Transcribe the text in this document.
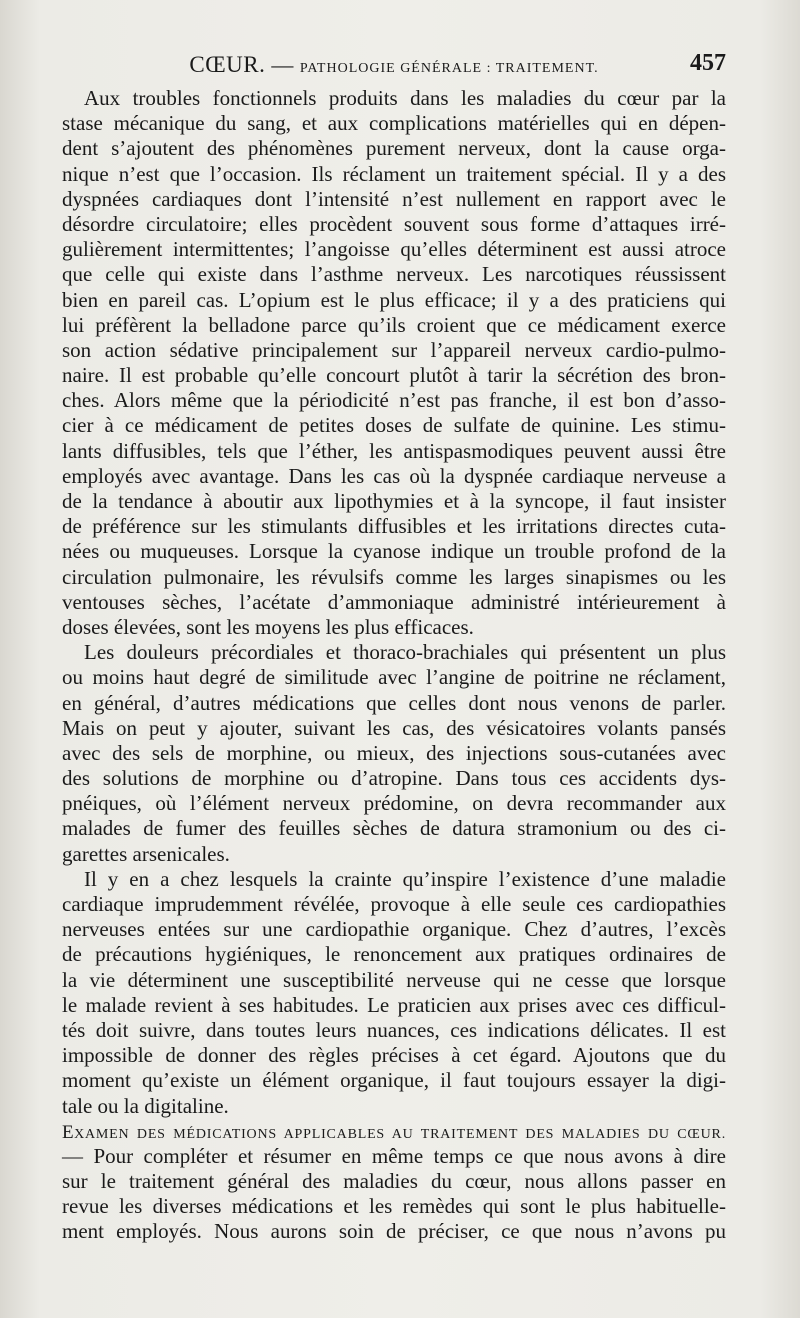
CŒUR. — PATHOLOGIE GÉNÉRALE : TRAITEMENT.	457
Aux troubles fonctionnels produits dans les maladies du cœur par la
stase mécanique du sang, et aux complications matérielles qui en dépen-
dent s’ajoutent des phénomènes purement nerveux, dont la cause orga-
nique n’est que l’occasion. Ils réclament un traitement spécial. Il y a des
dyspnées cardiaques dont l’intensité n’est nullement en rapport avec le
désordre circulatoire; elles procèdent souvent sous forme d’attaques irré-
gulièrement intermittentes; l’angoisse qu’elles déterminent est aussi atroce
que celle qui existe dans l’asthme nerveux. Les narcotiques réussissent
bien en pareil cas. L’opium est le plus efficace; il y a des praticiens qui
lui préfèrent la belladone parce qu’ils croient que ce médicament exerce
son action sédative principalement sur l’appareil nerveux cardio-pulmo-
naire. Il est probable qu’elle concourt plutôt à tarir la sécrétion des bron-
ches. Alors même que la périodicité n’est pas franche, il est bon d’asso-
cier à ce médicament de petites doses de sulfate de quinine. Les stimu-
lants diffusibles, tels que l’éther, les antispasmodiques peuvent aussi être
employés avec avantage. Dans les cas où la dyspnée cardiaque nerveuse a
de la tendance à aboutir aux lipothymies et à la syncope, il faut insister
de préférence sur les stimulants diffusibles et les irritations directes cuta-
nées ou muqueuses. Lorsque la cyanose indique un trouble profond de la
circulation pulmonaire, les révulsifs comme les larges sinapismes ou les
ventouses sèches, l’acétate d’ammoniaque administré intérieurement à
doses élevées, sont les moyens les plus efficaces.
Les douleurs précordiales et thoraco-brachiales qui présentent un plus
ou moins haut degré de similitude avec l’angine de poitrine ne réclament,
en général, d’autres médications que celles dont nous venons de parler.
Mais on peut y ajouter, suivant les cas, des vésicatoires volants pansés
avec des sels de morphine, ou mieux, des injections sous-cutanées avec
des solutions de morphine ou d’atropine. Dans tous ces accidents dys-
pnéiques, où l’élément nerveux prédomine, on devra recommander aux
malades de fumer des feuilles sèches de datura stramonium ou des ci-
garettes arsenicales.
Il y en a chez lesquels la crainte qu’inspire l’existence d’une maladie
cardiaque imprudemment révélée, provoque à elle seule ces cardiopathies
nerveuses entées sur une cardiopathie organique. Chez d’autres, l’excès
de précautions hygiéniques, le renoncement aux pratiques ordinaires de
la vie déterminent une susceptibilité nerveuse qui ne cesse que lorsque
le malade revient à ses habitudes. Le praticien aux prises avec ces difficul-
tés doit suivre, dans toutes leurs nuances, ces indications délicates. Il est
impossible de donner des règles précises à cet égard. Ajoutons que du
moment qu’existe un élément organique, il faut toujours essayer la digi-
tale ou la digitaline.
EXAMEN DES MÉDICATIONS APPLICABLES AU TRAITEMENT DES MALADIES DU CŒUR.
— Pour compléter et résumer en même temps ce que nous avons à dire
sur le traitement général des maladies du cœur, nous allons passer en
revue les diverses médications et les remèdes qui sont le plus habituelle-
ment employés. Nous aurons soin de préciser, ce que nous n’avons pu
